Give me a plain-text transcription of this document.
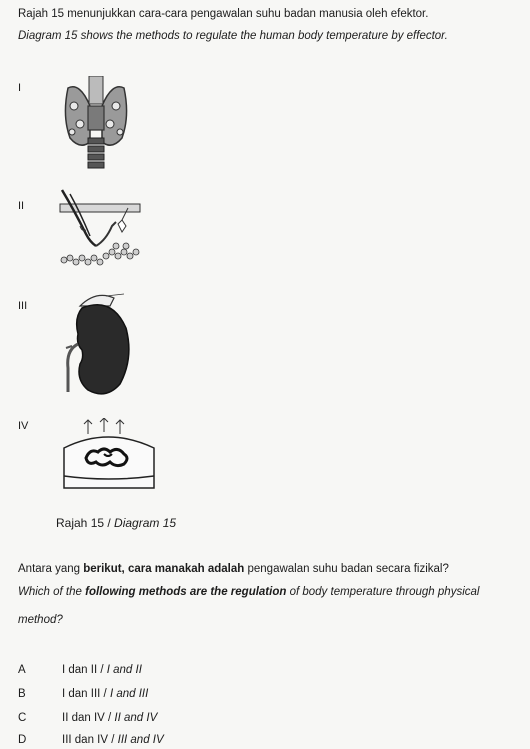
Rajah 15 menunjukkan cara-cara pengawalan suhu badan manusia oleh efektor.
Diagram 15 shows the methods to regulate the human body temperature by effector.
I
II
III
IV
Rajah 15 / Diagram 15
Antara yang berikut, cara manakah adalah pengawalan suhu badan secara fizikal?
Which of the following methods are the regulation of body temperature through physical
method?
A	I dan II / I and II
B	I dan III / I and III
C	II dan IV / II and IV
D	III dan IV / III and IV
